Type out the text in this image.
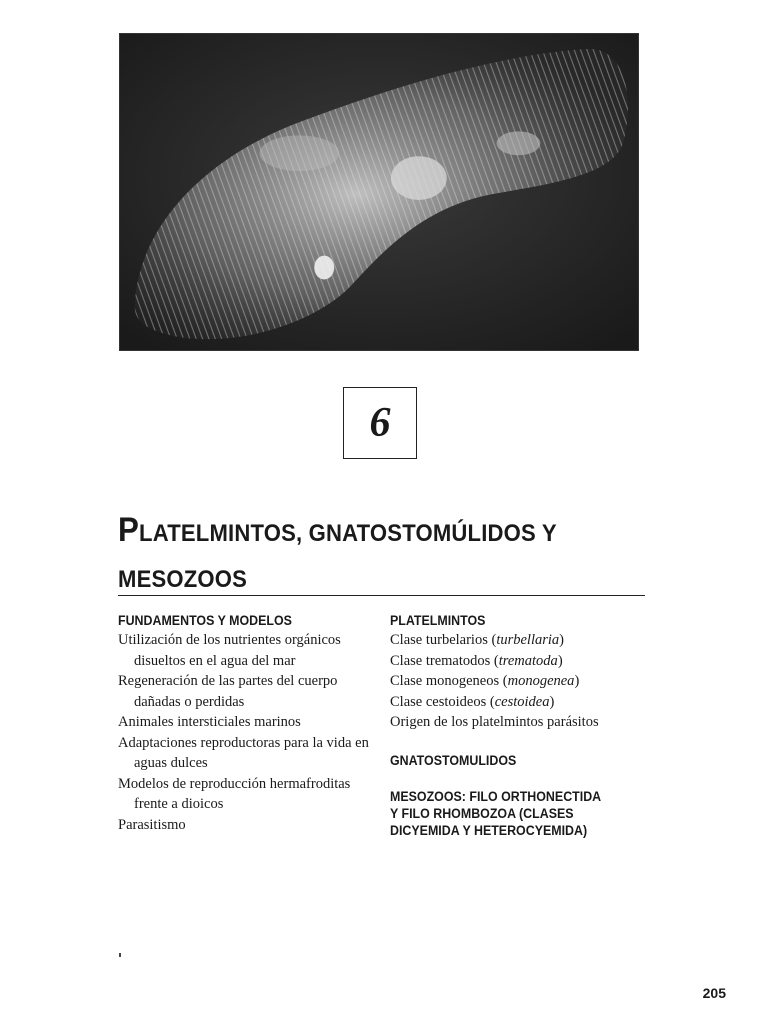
6
PLATELMINTOS, GNATOSTOMÚLIDOS Y
MESOZOOS
FUNDAMENTOS Y MODELOS
Utilización de los nutrientes orgánicos disueltos en el agua del mar
Regeneración de las partes del cuerpo dañadas o perdidas
Animales intersticiales marinos
Adaptaciones reproductoras para la vida en aguas dulces
Modelos de reproducción hermafroditas frente a dioicos
Parasitismo
PLATELMINTOS
Clase turbelarios (turbellaria)
Clase trematodos (trematoda)
Clase monogeneos (monogenea)
Clase cestoideos (cestoidea)
Origen de los platelmintos parásitos
GNATOSTOMULIDOS
MESOZOOS: FILO ORTHONECTIDA
Y FILO RHOMBOZOA (CLASES
DICYEMIDA Y HETEROCYEMIDA)
205
